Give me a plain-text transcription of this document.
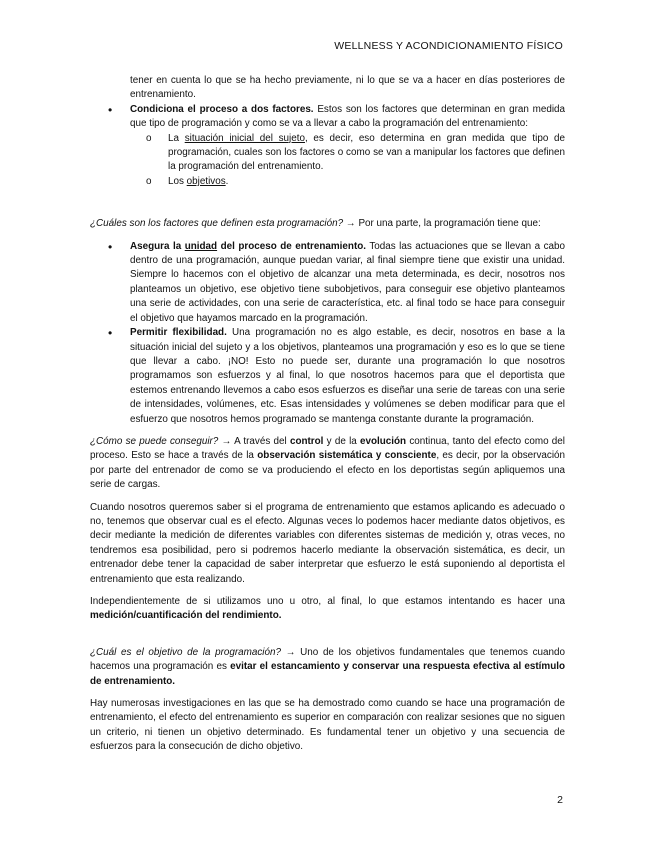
WELLNESS Y ACONDICIONAMIENTO FÍSICO

tener en cuenta lo que se ha hecho previamente, ni lo que se va a hacer en días posteriores de entrenamiento.

• Condiciona el proceso a dos factores. Estos son los factores que determinan en gran medida que tipo de programación y como se va a llevar a cabo la programación del entrenamiento:

o La situación inicial del sujeto, es decir, eso determina en gran medida que tipo de programación, cuales son los factores o como se van a manipular los factores que definen la programación del entrenamiento.

o Los objetivos.

¿Cuáles son los factores que definen esta programación? → Por una parte, la programación tiene que:

• Asegura la unidad del proceso de entrenamiento. Todas las actuaciones que se llevan a cabo dentro de una programación, aunque puedan variar, al final siempre tiene que existir una unidad. Siempre lo hacemos con el objetivo de alcanzar una meta determinada, es decir, nosotros nos planteamos un objetivo, ese objetivo tiene subobjetivos, para conseguir ese objetivo planteamos una serie de actividades, con una serie de característica, etc. al final todo se hace para conseguir el objetivo que hayamos marcado en la programación.

• Permitir flexibilidad. Una programación no es algo estable, es decir, nosotros en base a la situación inicial del sujeto y a los objetivos, planteamos una programación y eso es lo que se tiene que llevar a cabo. ¡NO! Esto no puede ser, durante una programación lo que nosotros programamos son esfuerzos y al final, lo que nosotros hacemos para que el deportista que estemos entrenando llevemos a cabo esos esfuerzos es diseñar una serie de tareas con una serie de intensidades, volúmenes, etc. Esas intensidades y volúmenes se deben modificar para que el esfuerzo que nosotros hemos programado se mantenga constante durante la programación.

¿Cómo se puede conseguir? → A través del control y de la evolución continua, tanto del efecto como del proceso. Esto se hace a través de la observación sistemática y consciente, es decir, por la observación por parte del entrenador de como se va produciendo el efecto en los deportistas según apliquemos una serie de cargas.

Cuando nosotros queremos saber si el programa de entrenamiento que estamos aplicando es adecuado o no, tenemos que observar cual es el efecto. Algunas veces lo podemos hacer mediante datos objetivos, es decir mediante la medición de diferentes variables con diferentes sistemas de medición y, otras veces, no tendremos esa posibilidad, pero si podremos hacerlo mediante la observación sistemática, es decir, un entrenador debe tener la capacidad de saber interpretar que esfuerzo le está suponiendo al deportista el entrenamiento que esta realizando.

Independientemente de si utilizamos uno u otro, al final, lo que estamos intentando es hacer una medición/cuantificación del rendimiento.

¿Cuál es el objetivo de la programación? → Uno de los objetivos fundamentales que tenemos cuando hacemos una programación es evitar el estancamiento y conservar una respuesta efectiva al estímulo de entrenamiento.

Hay numerosas investigaciones en las que se ha demostrado como cuando se hace una programación de entrenamiento, el efecto del entrenamiento es superior en comparación con realizar sesiones que no siguen un criterio, ni tienen un objetivo determinado. Es fundamental tener un objetivo y una secuencia de esfuerzos para la consecución de dicho objetivo.

2
